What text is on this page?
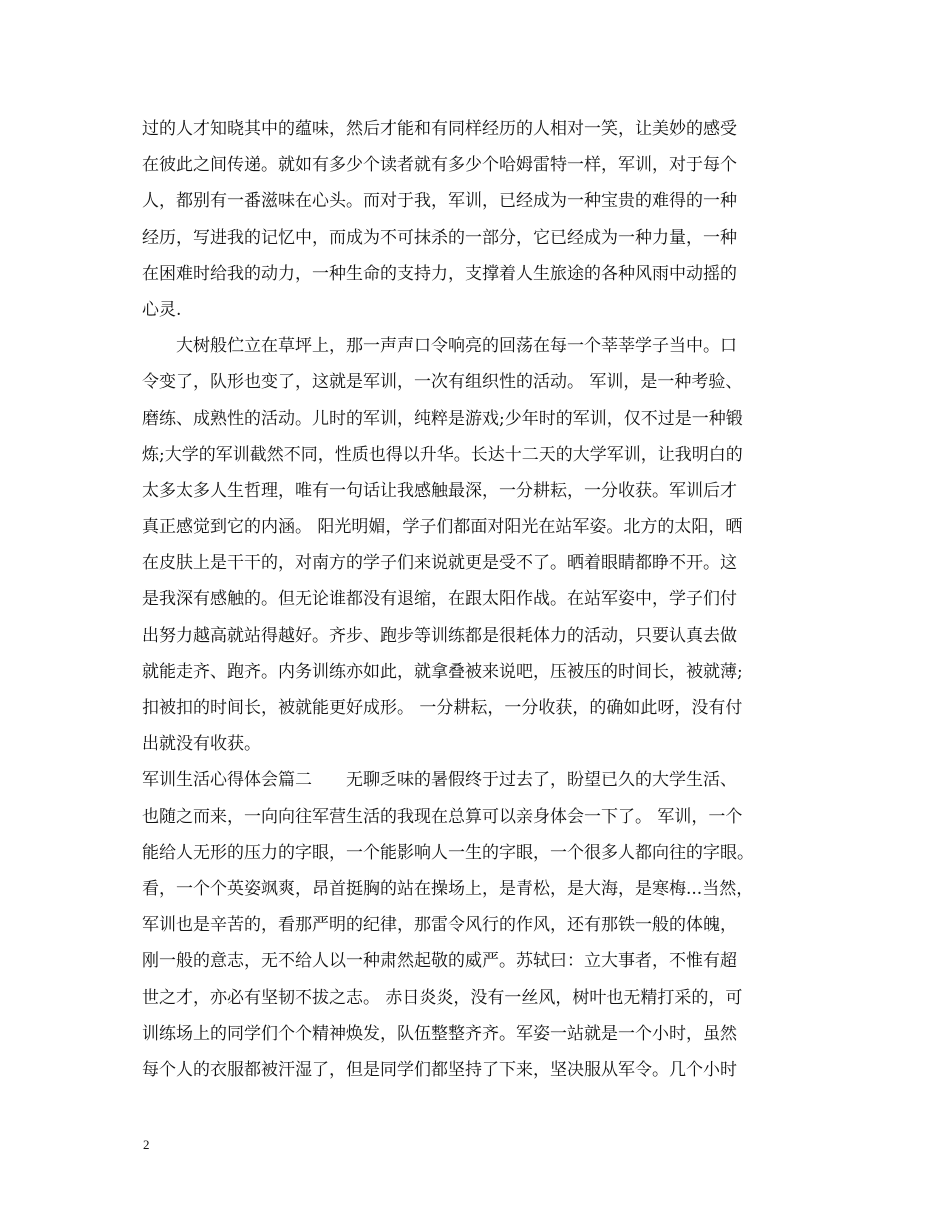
过的人才知晓其中的蕴味，然后才能和有同样经历的人相对一笑，让美妙的感受
在彼此之间传递。就如有多少个读者就有多少个哈姆雷特一样，军训，对于每个
人，都别有一番滋味在心头。而对于我，军训，已经成为一种宝贵的难得的一种
经历，写进我的记忆中，而成为不可抹杀的一部分，它已经成为一种力量，一种
在困难时给我的动力，一种生命的支持力，支撑着人生旅途的各种风雨中动摇的
心灵.
　　大树般伫立在草坪上，那一声声口令响亮的回荡在每一个莘莘学子当中。口
令变了，队形也变了，这就是军训，一次有组织性的活动。 军训，是一种考验、
磨练、成熟性的活动。儿时的军训，纯粹是游戏;少年时的军训，仅不过是一种锻
炼;大学的军训截然不同，性质也得以升华。长达十二天的大学军训，让我明白的
太多太多人生哲理，唯有一句话让我感触最深，一分耕耘，一分收获。军训后才
真正感觉到它的内涵。 阳光明媚，学子们都面对阳光在站军姿。北方的太阳，晒
在皮肤上是干干的，对南方的学子们来说就更是受不了。晒着眼睛都睁不开。这
是我深有感触的。但无论谁都没有退缩，在跟太阳作战。在站军姿中，学子们付
出努力越高就站得越好。齐步、跑步等训练都是很耗体力的活动，只要认真去做
就能走齐、跑齐。内务训练亦如此，就拿叠被来说吧，压被压的时间长，被就薄;
扣被扣的时间长，被就能更好成形。 一分耕耘，一分收获，的确如此呀，没有付
出就没有收获。
军训生活心得体会篇二　　无聊乏味的暑假终于过去了，盼望已久的大学生活、
也随之而来，一向向往军营生活的我现在总算可以亲身体会一下了。 军训，一个
能给人无形的压力的字眼，一个能影响人一生的字眼，一个很多人都向往的字眼。
看，一个个英姿飒爽，昂首挺胸的站在操场上，是青松，是大海，是寒梅...当然，
军训也是辛苦的，看那严明的纪律，那雷令风行的作风，还有那铁一般的体魄，
刚一般的意志，无不给人以一种肃然起敬的威严。苏轼曰：立大事者，不惟有超
世之才，亦必有坚韧不拔之志。 赤日炎炎，没有一丝风，树叶也无精打采的，可
训练场上的同学们个个精神焕发，队伍整整齐齐。军姿一站就是一个小时，虽然
每个人的衣服都被汗湿了，但是同学们都坚持了下来，坚决服从军令。几个小时
2
